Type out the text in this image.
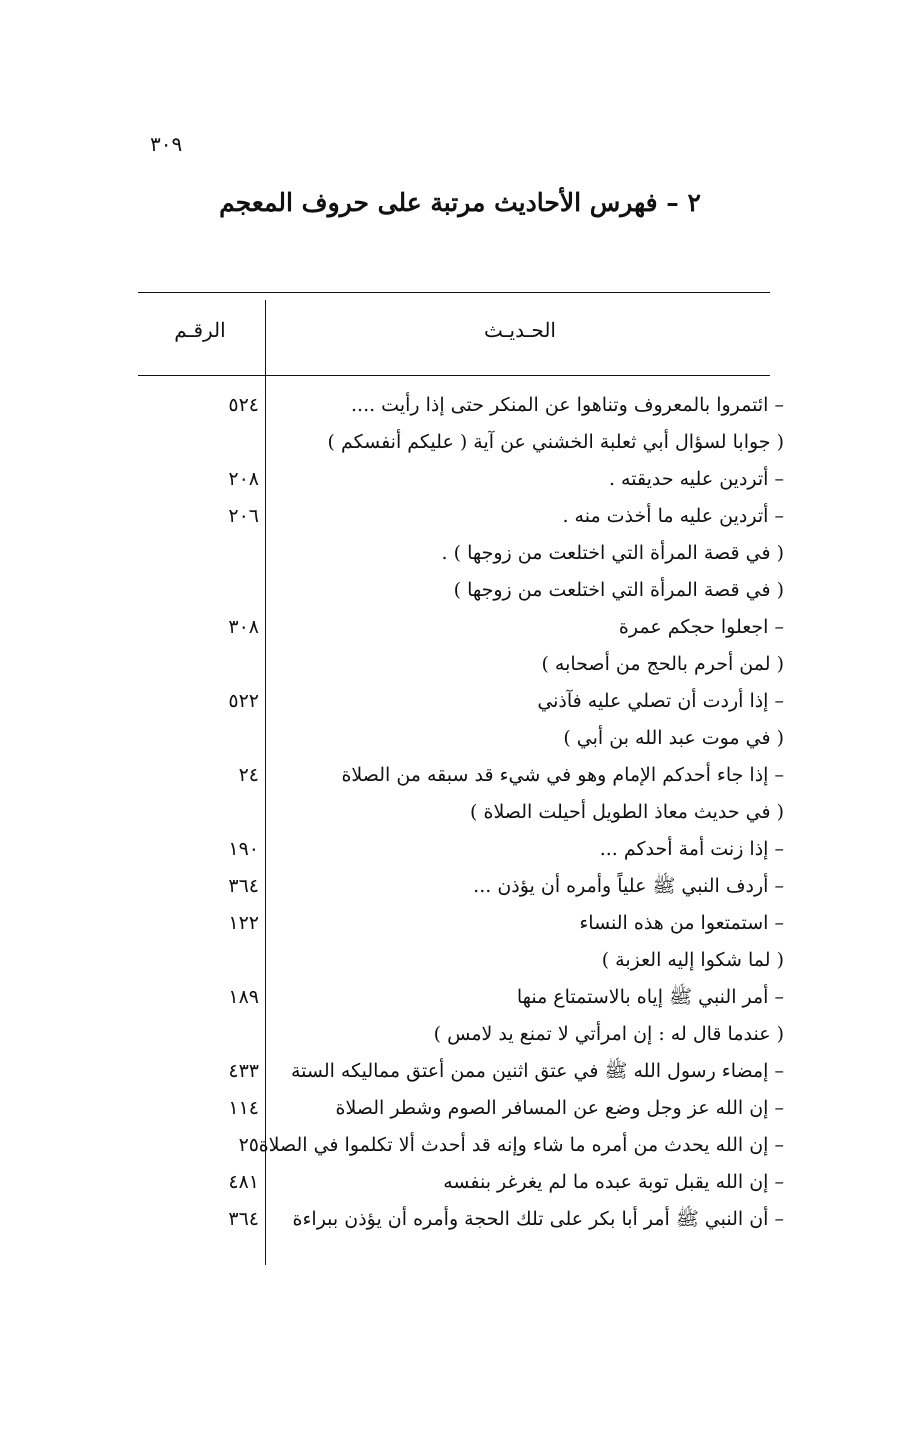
٣٠٩
٢ – فهرس الأحاديث مرتبة على حروف المعجم
الحـديـث
الرقـم
– ائتمروا بالمعروف وتناهوا عن المنكر حتى إذا رأيت ....
٥٢٤
( جوابا لسؤال أبي ثعلبة الخشني عن آية ( عليكم أنفسكم )
– أتردين عليه حديقته .
٢٠٨
– أتردين عليه ما أخذت منه .
٢٠٦
( في قصة المرأة التي اختلعت من زوجها ) .
( في قصة المرأة التي اختلعت من زوجها )
– اجعلوا حجكم عمرة
٣٠٨
( لمن أحرم بالحج من أصحابه )
– إذا أردت أن تصلي عليه فآذني
٥٢٢
( في موت عبد الله بن أبي )
– إذا جاء أحدكم الإمام وهو في شيء قد سبقه من الصلاة
٢٤
( في حديث معاذ الطويل أحيلت الصلاة )
– إذا زنت أمة أحدكم ...
١٩٠
– أردف النبي ﷺ علياً وأمره أن يؤذن ...
٣٦٤
– استمتعوا من هذه النساء
١٢٢
( لما شكوا إليه العزبة )
– أمر النبي ﷺ إياه بالاستمتاع منها
١٨٩
( عندما قال له : إن امرأتي لا تمنع يد لامس )
– إمضاء رسول الله ﷺ في عتق اثنين ممن أعتق مماليكه الستة
٤٣٣
– إن الله عز وجل وضع عن المسافر الصوم وشطر الصلاة
١١٤
– إن الله يحدث من أمره ما شاء وإنه قد أحدث ألا تكلموا في الصلاة
٢٥
– إن الله يقبل توبة عبده ما لم يغرغر بنفسه
٤٨١
– أن النبي ﷺ أمر أبا بكر على تلك الحجة وأمره أن يؤذن ببراءة
٣٦٤
